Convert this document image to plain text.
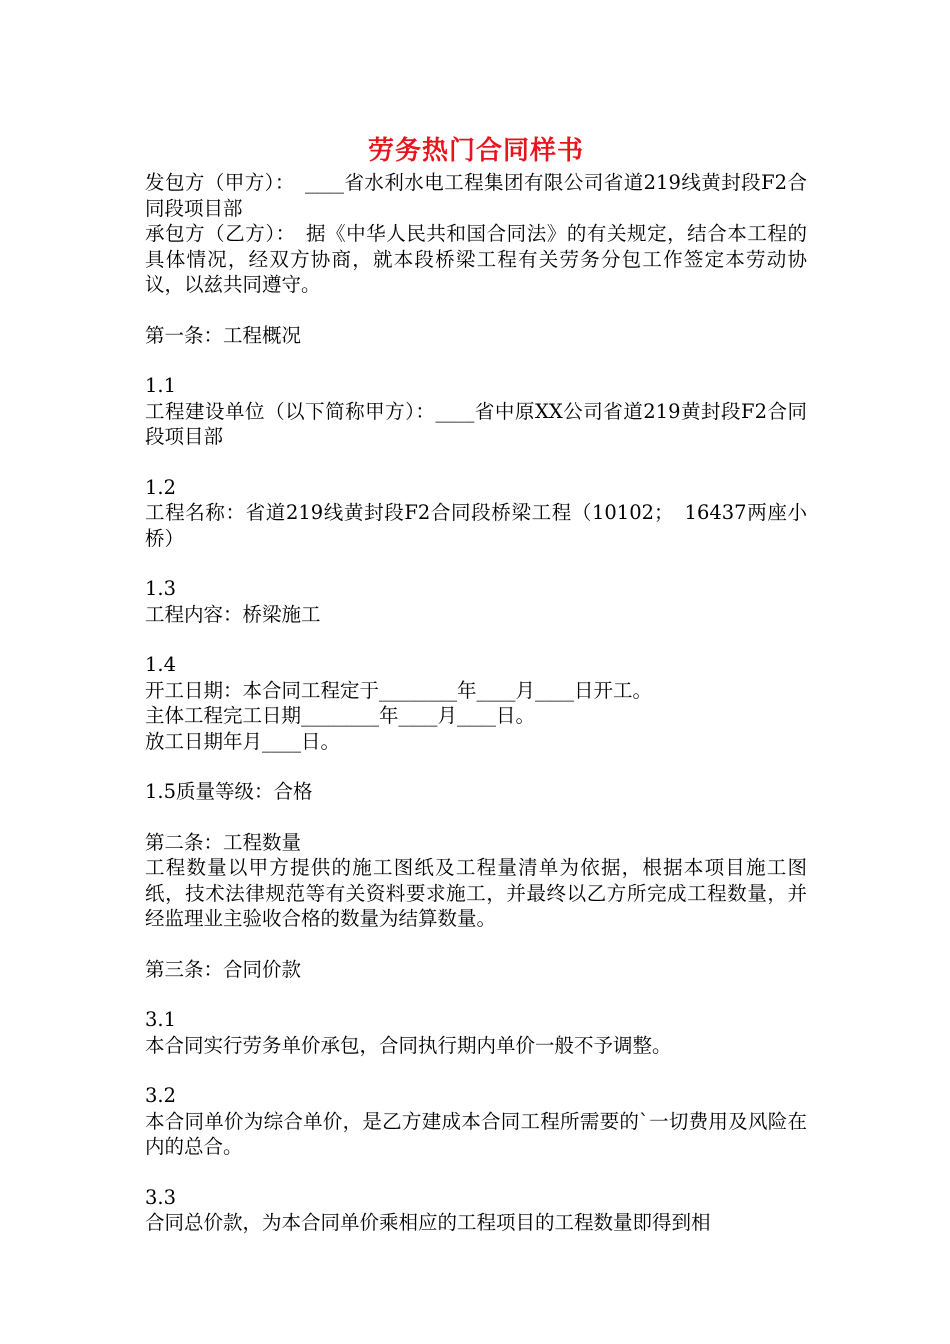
劳务热门合同样书

发包方（甲方）：　____省水利水电工程集团有限公司省道219线黄封段F2合同段项目部

承包方（乙方）：　据《中华人民共和国合同法》的有关规定，结合本工程的具体情况，经双方协商，就本段桥梁工程有关劳务分包工作签定本劳动协议，以兹共同遵守。

第一条：工程概况

1.1

工程建设单位（以下简称甲方）：____省中原XX公司省道219黄封段F2合同段项目部

1.2

工程名称：省道219线黄封段F2合同段桥梁工程（10102；　16437两座小桥）

1.3

工程内容：桥梁施工

1.4

开工日期：本合同工程定于________年____月____日开工。

主体工程完工日期________年____月____日。

放工日期年月____日。

1.5质量等级：合格

第二条：工程数量

工程数量以甲方提供的施工图纸及工程量清单为依据，根据本项目施工图纸，技术法律规范等有关资料要求施工，并最终以乙方所完成工程数量，并经监理业主验收合格的数量为结算数量。

第三条：合同价款

3.1

本合同实行劳务单价承包，合同执行期内单价一般不予调整。

3.2

本合同单价为综合单价，是乙方建成本合同工程所需要的`一切费用及风险在内的总合。

3.3

合同总价款，为本合同单价乘相应的工程项目的工程数量即得到相
